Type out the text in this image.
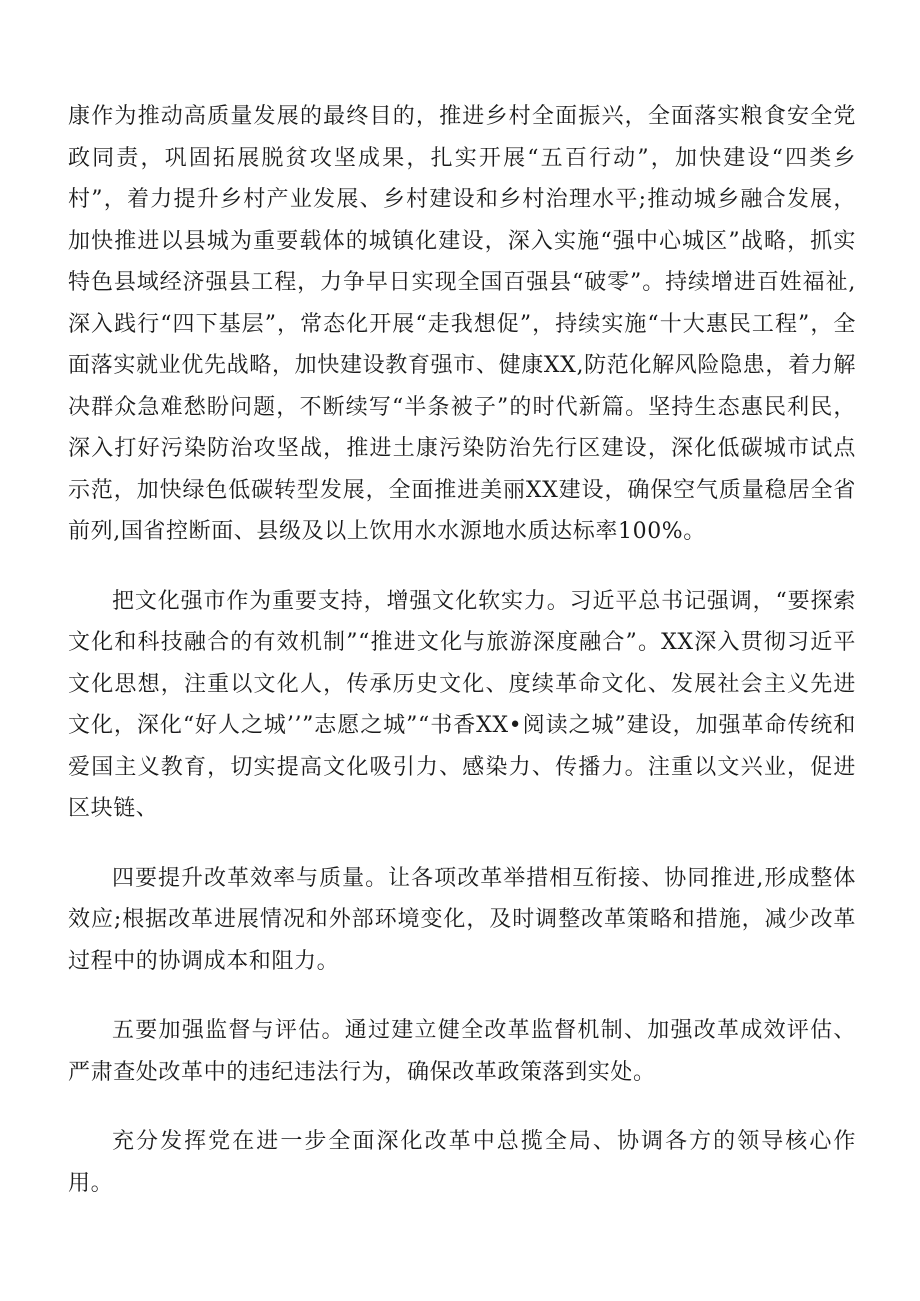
康作为推动高质量发展的最终目的，推进乡村全面振兴，全面落实粮食安全党政同责，巩固拓展脱贫攻坚成果，扎实开展“五百行动”，加快建设“四类乡村”，着力提升乡村产业发展、乡村建设和乡村治理水平;推动城乡融合发展，加快推进以县城为重要载体的城镇化建设，深入实施“强中心城区”战略，抓实特色县域经济强县工程，力争早日实现全国百强县“破零”。持续增进百姓福祉,深入践行“四下基层”，常态化开展“走我想促”，持续实施“十大惠民工程”，全面落实就业优先战略，加快建设教育强市、健康XX,防范化解风险隐患，着力解决群众急难愁盼问题，不断续写“半条被子”的时代新篇。坚持生态惠民利民，深入打好污染防治攻坚战，推进土康污染防治先行区建设，深化低碳城市试点示范，加快绿色低碳转型发展，全面推进美丽XX建设，确保空气质量稳居全省前列,国省控断面、县级及以上饮用水水源地水质达标率100%。

把文化强市作为重要支持，增强文化软实力。习近平总书记强调，“要探索文化和科技融合的有效机制”“推进文化与旅游深度融合”。XX深入贯彻习近平文化思想，注重以文化人，传承历史文化、度续革命文化、发展社会主义先进文化，深化“好人之城’’”志愿之城”“书香XX•阅读之城”建设，加强革命传统和爱国主义教育，切实提高文化吸引力、感染力、传播力。注重以文兴业，促进区块链、

四要提升改革效率与质量。让各项改革举措相互衔接、协同推进,形成整体效应;根据改革进展情况和外部环境变化，及时调整改革策略和措施，减少改革过程中的协调成本和阻力。

五要加强监督与评估。通过建立健全改革监督机制、加强改革成效评估、严肃查处改革中的违纪违法行为，确保改革政策落到实处。

充分发挥党在进一步全面深化改革中总揽全局、协调各方的领导核心作用。
